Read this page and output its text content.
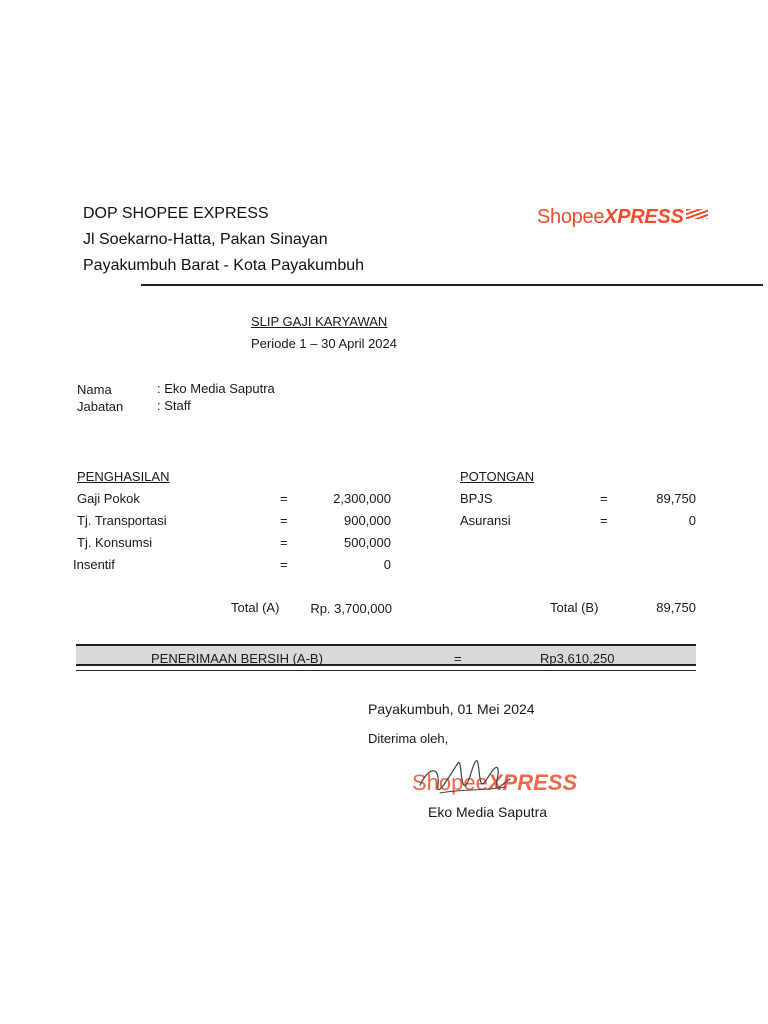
DOP SHOPEE EXPRESS
Jl Soekarno-Hatta, Pakan Sinayan
Payakumbuh Barat - Kota Payakumbuh
ShopeeXPRESS
SLIP GAJI KARYAWAN
Periode 1 – 30 April 2024
Nama	: Eko Media Saputra
Jabatan	: Staff
PENGHASILAN
Gaji Pokok	=	2,300,000
Tj. Transportasi	=	900,000
Tj. Konsumsi	=	500,000
Insentif	=	0
Total (A)	Rp. 3,700,000
POTONGAN
BPJS	=	89,750
Asuransi	=	0
Total (B)	89,750
PENERIMAAN BERSIH (A-B)	=	Rp3,610,250
Payakumbuh, 01 Mei 2024
Diterima oleh,
ShopeeXPRESS
Eko Media Saputra
